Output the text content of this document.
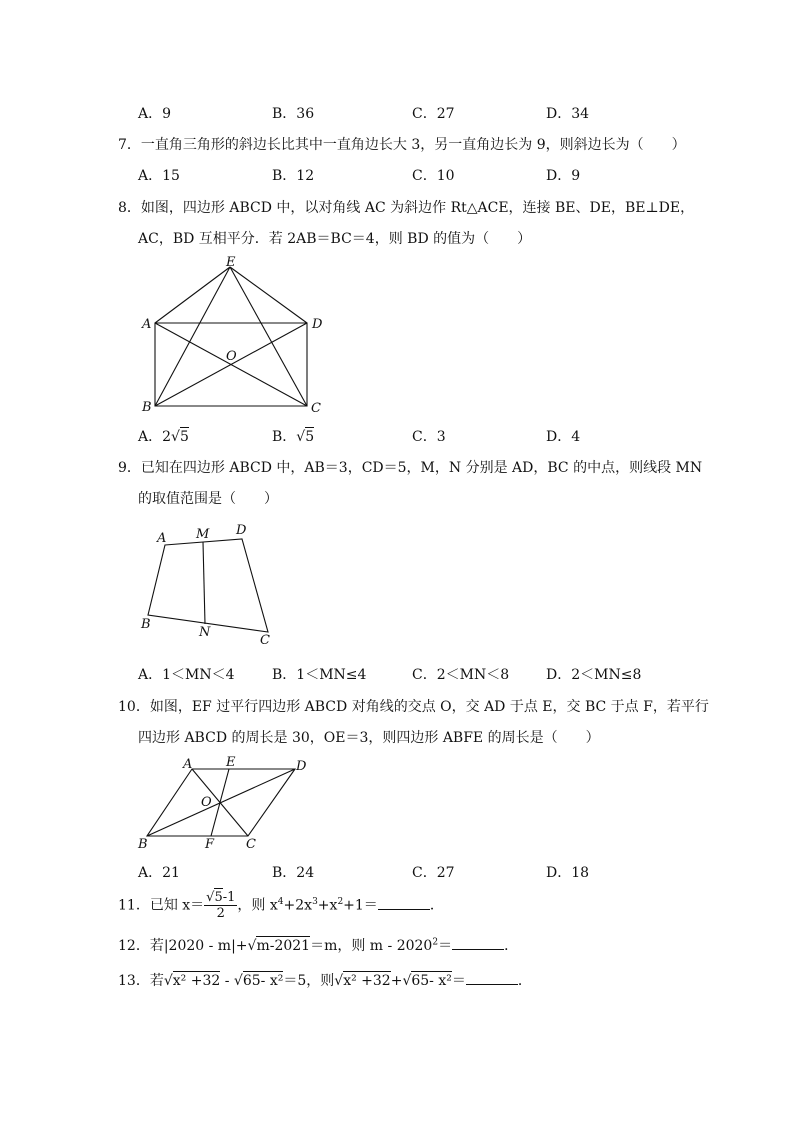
A．9	B．36	C．27	D．34
7．一直角三角形的斜边长比其中一直角边长大 3，另一直角边长为 9，则斜边长为（　　）
A．15	B．12	C．10	D．9
8．如图，四边形 ABCD 中，以对角线 AC 为斜边作 Rt△ACE，连接 BE、DE，BE⊥DE，
AC，BD 互相平分．若 2AB＝BC＝4，则 BD 的值为（　　）
E
A	D
O
B	C
A．2√5	B．√5	C．3	D．4
9．已知在四边形 ABCD 中，AB＝3，CD＝5，M，N 分别是 AD，BC 的中点，则线段 MN
的取值范围是（　　）
A M D
B
N
C
A．1＜MN＜4	B．1＜MN≤4	C．2＜MN＜8	D．2＜MN≤8
10．如图，EF 过平行四边形 ABCD 对角线的交点 O，交 AD 于点 E，交 BC 于点 F，若平行
四边形 ABCD 的周长是 30，OE＝3，则四边形 ABFE 的周长是（　　）
A	E	D
O
B	F C
A．21	B．24	C．27	D．18
11．已知 $x= \frac{√5-1}{2}$ ，则 $x^4+2x^3+x^2+1=$	．
12．若|2020 - m|+√m-2021＝m，则 $m - 2020^2=$	．
13．若√x² +32 - √65- x²＝5，则√x² +32+√65- x²＝	．
